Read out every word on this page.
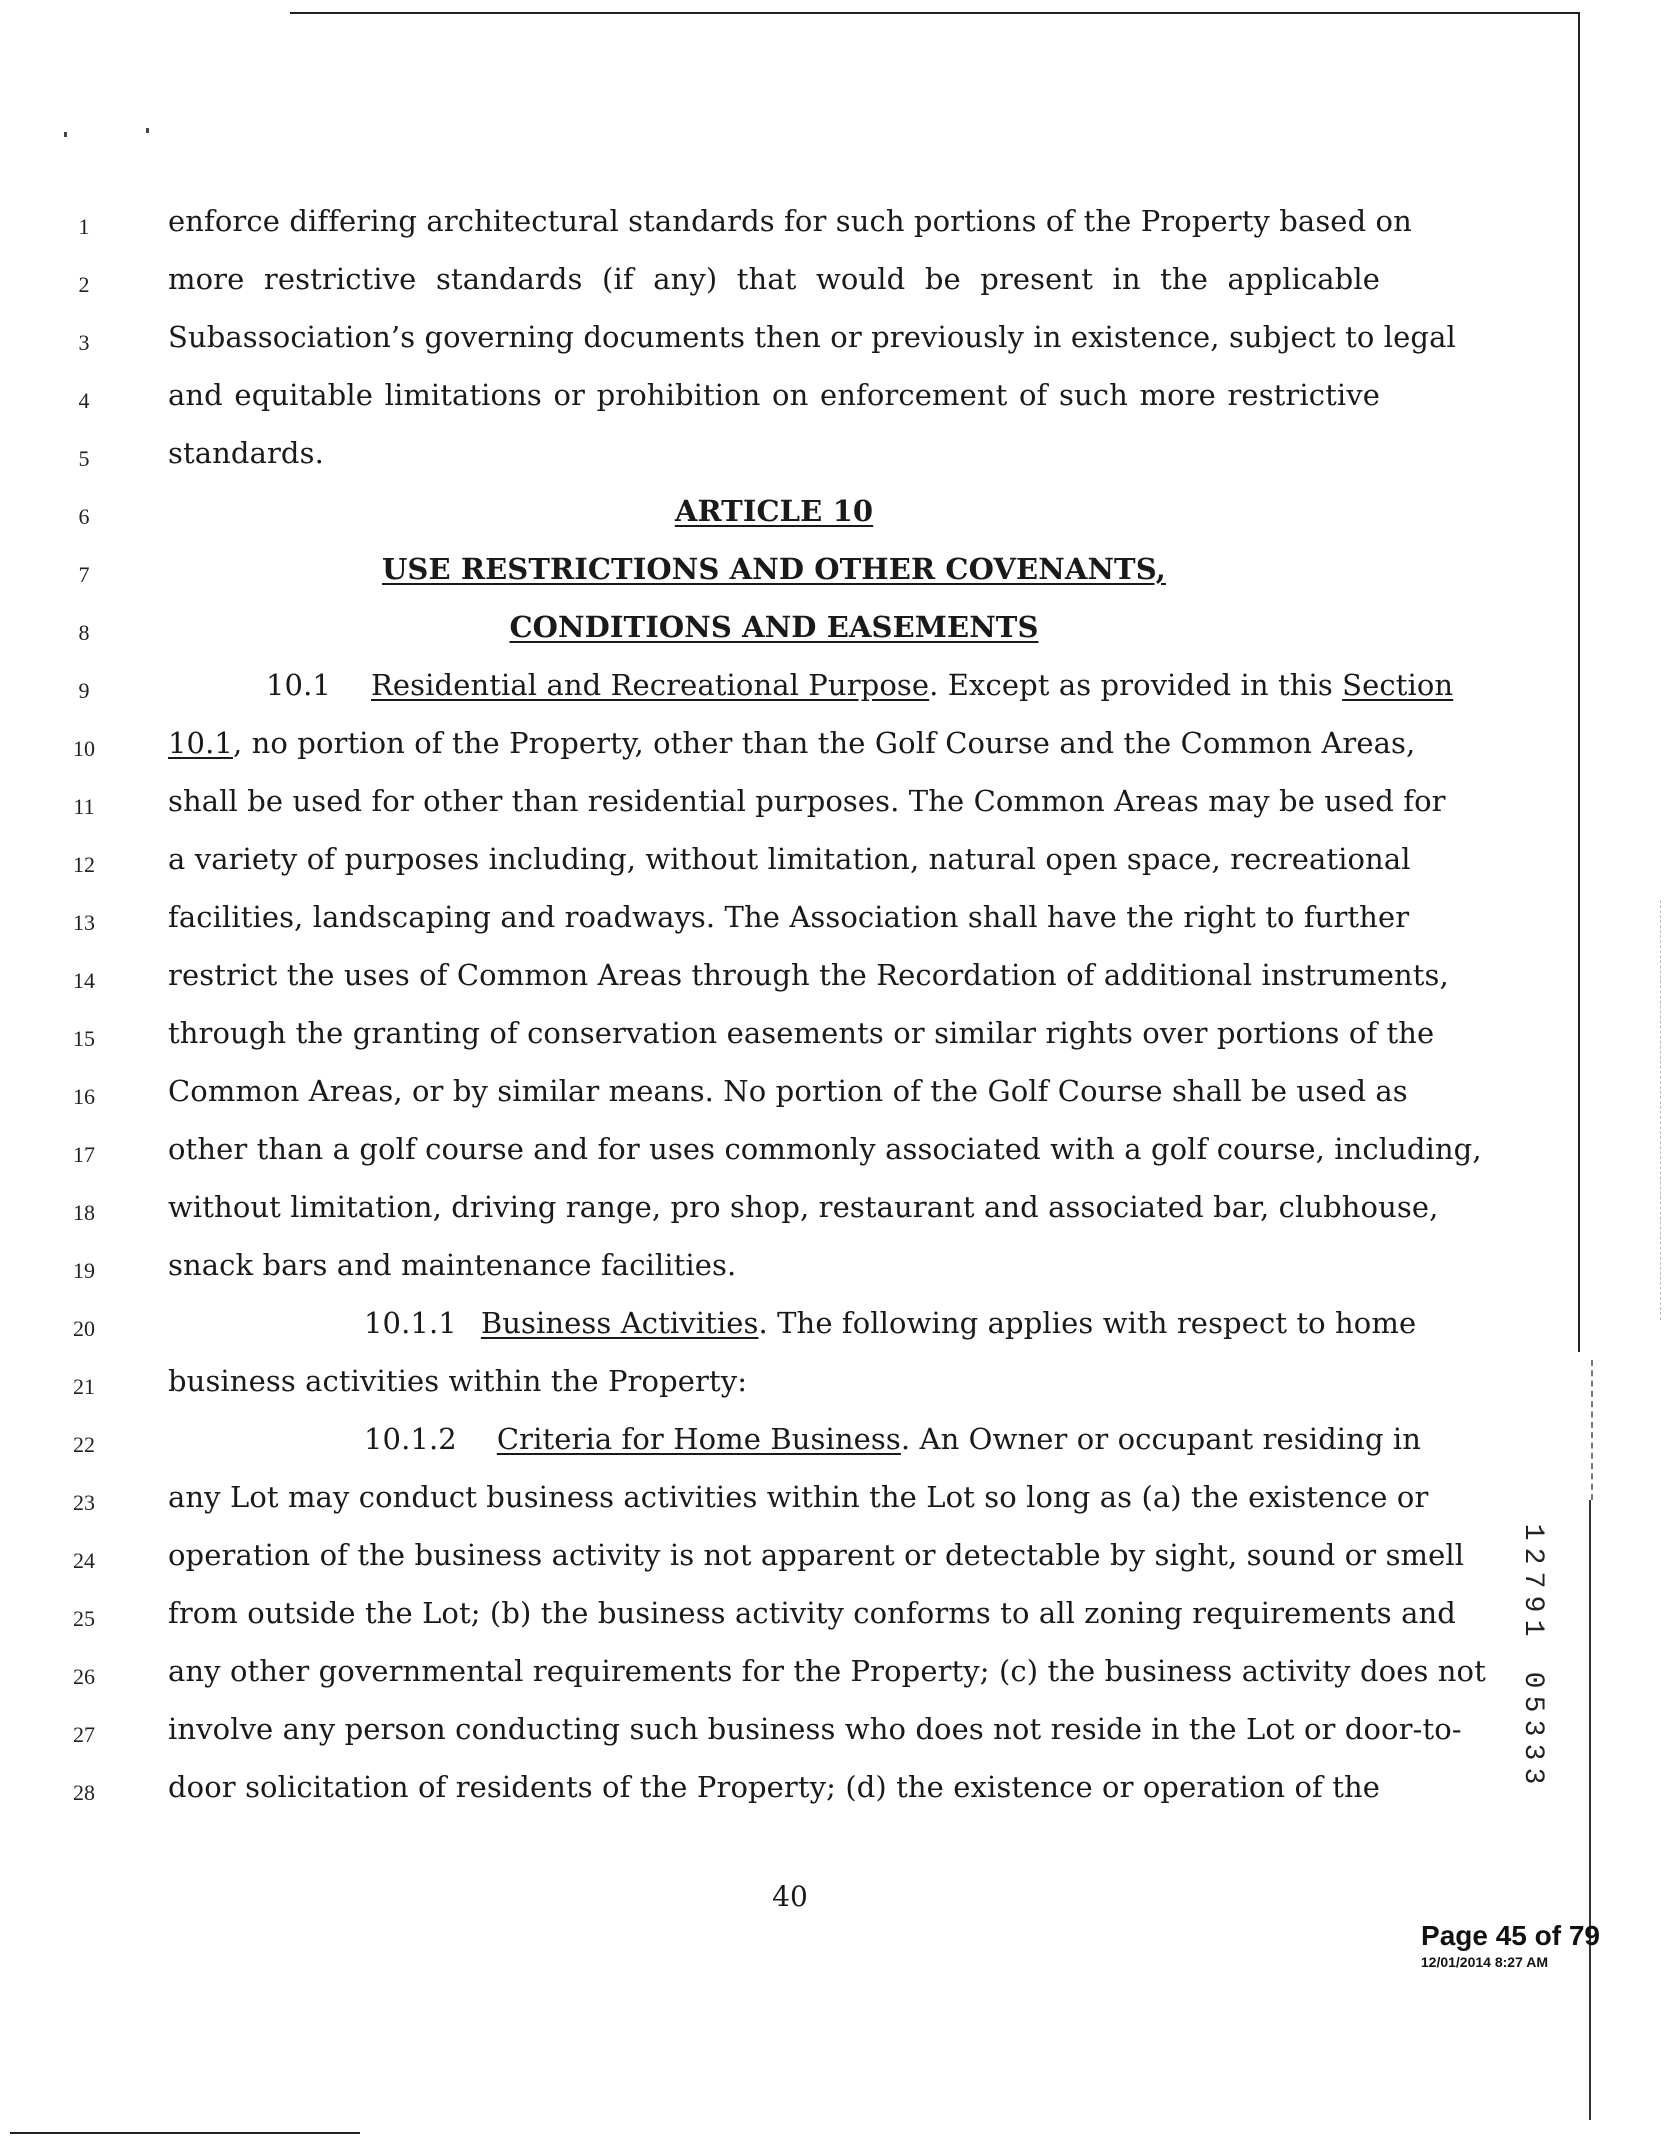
1	enforce differing architectural standards for such portions of the Property based on
2	more restrictive standards (if any) that would be present in the applicable
3	Subassociation’s governing documents then or previously in existence, subject to legal
4	and equitable limitations or prohibition on enforcement of such more restrictive
5	standards.
6	ARTICLE 10
7	USE RESTRICTIONS AND OTHER COVENANTS,
8	CONDITIONS AND EASEMENTS
9	10.1 Residential and Recreational Purpose. Except as provided in this Section
10	10.1, no portion of the Property, other than the Golf Course and the Common Areas,
11	shall be used for other than residential purposes. The Common Areas may be used for
12	a variety of purposes including, without limitation, natural open space, recreational
13	facilities, landscaping and roadways. The Association shall have the right to further
14	restrict the uses of Common Areas through the Recordation of additional instruments,
15	through the granting of conservation easements or similar rights over portions of the
16	Common Areas, or by similar means. No portion of the Golf Course shall be used as
17	other than a golf course and for uses commonly associated with a golf course, including,
18	without limitation, driving range, pro shop, restaurant and associated bar, clubhouse,
19	snack bars and maintenance facilities.
20	10.1.1 Business Activities. The following applies with respect to home
21	business activities within the Property:
22	10.1.2 Criteria for Home Business. An Owner or occupant residing in
23	any Lot may conduct business activities within the Lot so long as (a) the existence or
24	operation of the business activity is not apparent or detectable by sight, sound or smell
25	from outside the Lot; (b) the business activity conforms to all zoning requirements and
26	any other governmental requirements for the Property; (c) the business activity does not
27	involve any person conducting such business who does not reside in the Lot or door-to-
28	door solicitation of residents of the Property; (d) the existence or operation of the
40
Page 45 of 79
12/01/2014 8:27 AM
1
2
7
9
1
0
5
3
3
3
